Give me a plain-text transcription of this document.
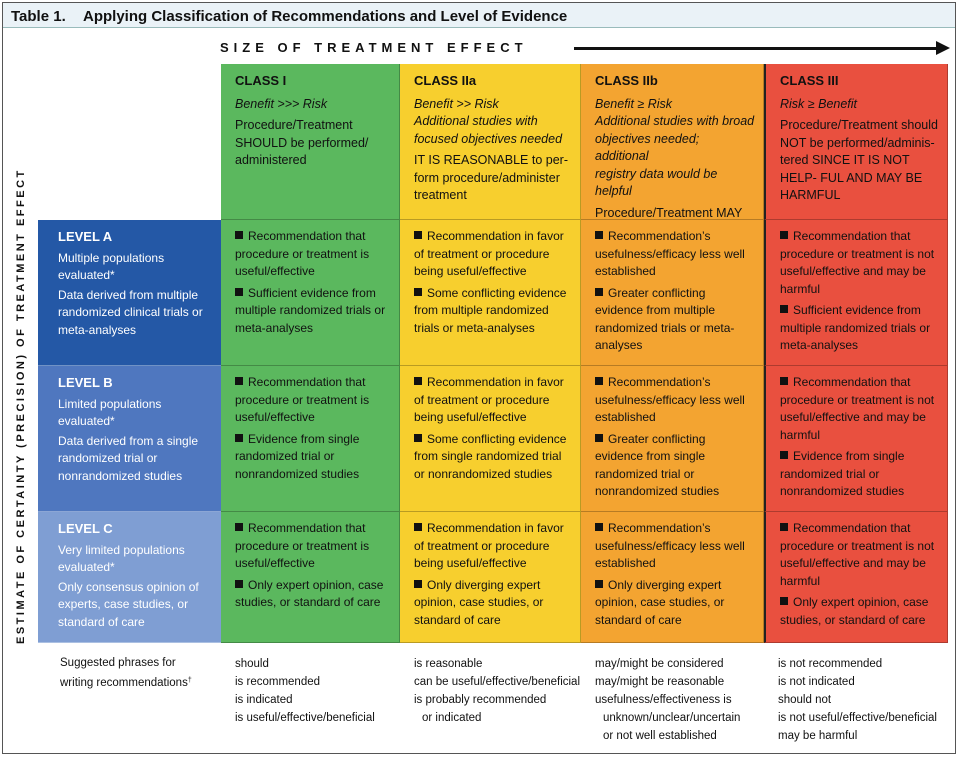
Table 1. Applying Classification of Recommendations and Level of Evidence
SIZE OF TREATMENT EFFECT
ESTIMATE OF CERTAINTY (PRECISION) OF TREATMENT EFFECT
CLASS I
Benefit >>> Risk
Procedure/Treatment SHOULD be performed/ administered
CLASS IIa
Benefit >> Risk
Additional studies with
focused objectives needed
IT IS REASONABLE to per- form procedure/administer treatment
CLASS IIb
Benefit ≥ Risk
Additional studies with broad
objectives needed; additional
registry data would be helpful
Procedure/Treatment MAY
CLASS III
Risk ≥ Benefit
Procedure/Treatment should NOT be performed/adminis- tered SINCE IT IS NOT HELP- FUL AND MAY BE HARMFUL
LEVEL A
Multiple populations evaluated*
Data derived from multiple randomized clinical trials or meta-analyses
LEVEL B
Limited populations evaluated*
Data derived from a single randomized trial or nonrandomized studies
LEVEL C
Very limited populations evaluated*
Only consensus opinion of experts, case studies, or standard of care
Recommendation that procedure or treatment is useful/effective
Sufficient evidence from multiple randomized trials or meta-analyses
Recommendation in favor of treatment or procedure being useful/effective
Some conflicting evidence from multiple randomized trials or meta-analyses
Recommendation’s usefulness/efficacy less well established
Greater conflicting evidence from multiple randomized trials or meta-analyses
Recommendation that procedure or treatment is not useful/effective and may be harmful
Sufficient evidence from multiple randomized trials or meta-analyses
Recommendation that procedure or treatment is useful/effective
Evidence from single randomized trial or nonrandomized studies
Recommendation in favor of treatment or procedure being useful/effective
Some conflicting evidence from single randomized trial or nonrandomized studies
Recommendation’s usefulness/efficacy less well established
Greater conflicting evidence from single randomized trial or nonrandomized studies
Recommendation that procedure or treatment is not useful/effective and may be harmful
Evidence from single randomized trial or nonrandomized studies
Recommendation that procedure or treatment is useful/effective
Only expert opinion, case studies, or standard of care
Recommendation in favor of treatment or procedure being useful/effective
Only diverging expert opinion, case studies, or standard of care
Recommendation’s usefulness/efficacy less well established
Only diverging expert opinion, case studies, or standard of care
Recommendation that procedure or treatment is not useful/effective and may be harmful
Only expert opinion, case studies, or standard of care
Suggested phrases for
writing recommendations†
should
is recommended
is indicated
is useful/effective/beneficial
is reasonable
can be useful/effective/beneficial
is probably recommended
or indicated
may/might be considered
may/might be reasonable
usefulness/effectiveness is
unknown/unclear/uncertain
or not well established
is not recommended
is not indicated
should not
is not useful/effective/beneficial
may be harmful
